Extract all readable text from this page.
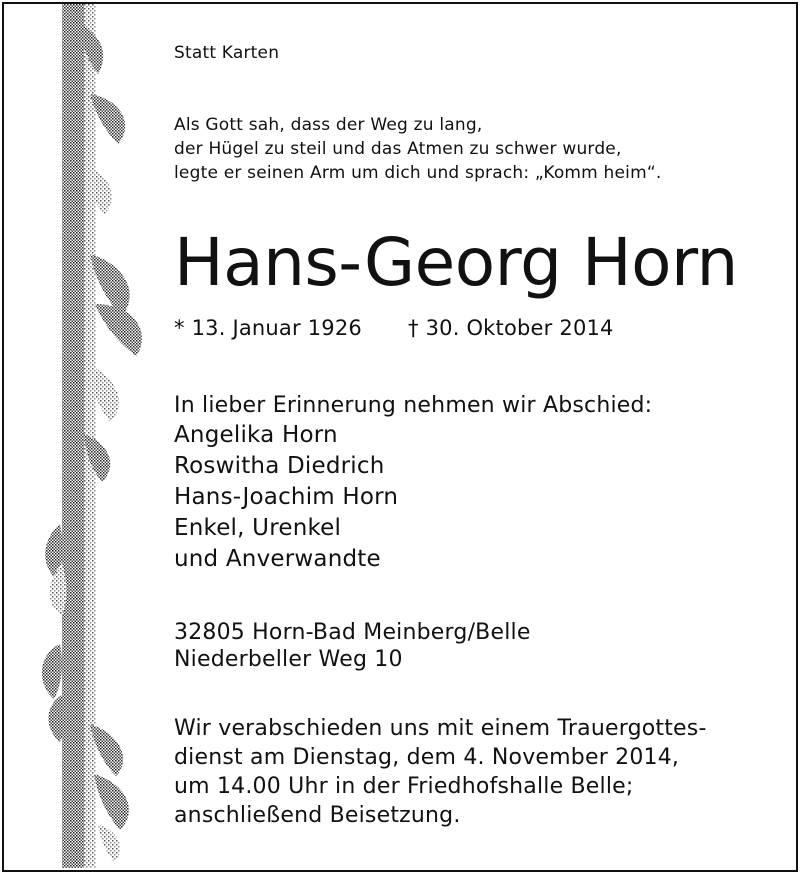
Statt Karten
Als Gott sah, dass der Weg zu lang,
der Hügel zu steil und das Atmen zu schwer wurde,
legte er seinen Arm um dich und sprach: „Komm heim“.
Hans-Georg Horn
* 13. Januar 1926 † 30. Oktober 2014
In lieber Erinnerung nehmen wir Abschied:
Angelika Horn
Roswitha Diedrich
Hans-Joachim Horn
Enkel, Urenkel
und Anverwandte
32805 Horn-Bad Meinberg/Belle
Niederbeller Weg 10
Wir verabschieden uns mit einem Trauergottes-
dienst am Dienstag, dem 4. November 2014,
um 14.00 Uhr in der Friedhofshalle Belle;
anschließend Beisetzung.
